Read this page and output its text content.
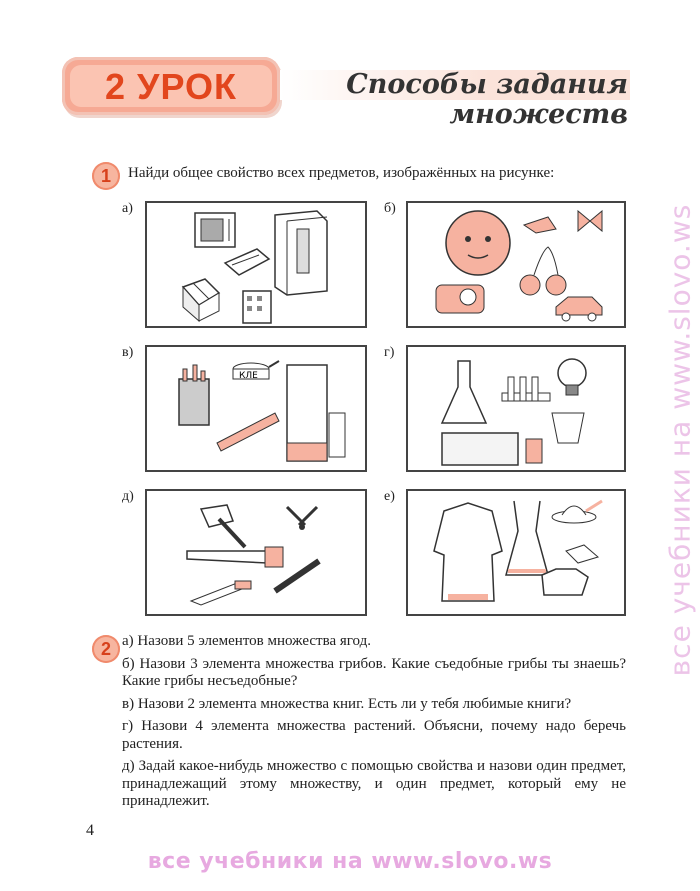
2 УРОК	Способы задания
множеств
1	Найди общее свойство всех предметов, изображённых на рисунке:
а)	б)
в)
КЛЕ
г)
д)	е)
2 а) Назови 5 элементов множества ягод.

б) Назови 3 элемента множества грибов. Какие съедобные грибы ты знаешь? Какие грибы несъедобные?

в) Назови 2 элемента множества книг. Есть ли у тебя любимые книги?

г) Назови 4 элемента множества растений. Объясни, почему надо беречь растения.

д) Задай какое-нибудь множество с помощью свойства и назови один предмет, принадлежащий этому множеству, и один предмет, который ему не принадлежит.

4
все учебники на www.slovo.ws
все учебники на www.slovo.ws
